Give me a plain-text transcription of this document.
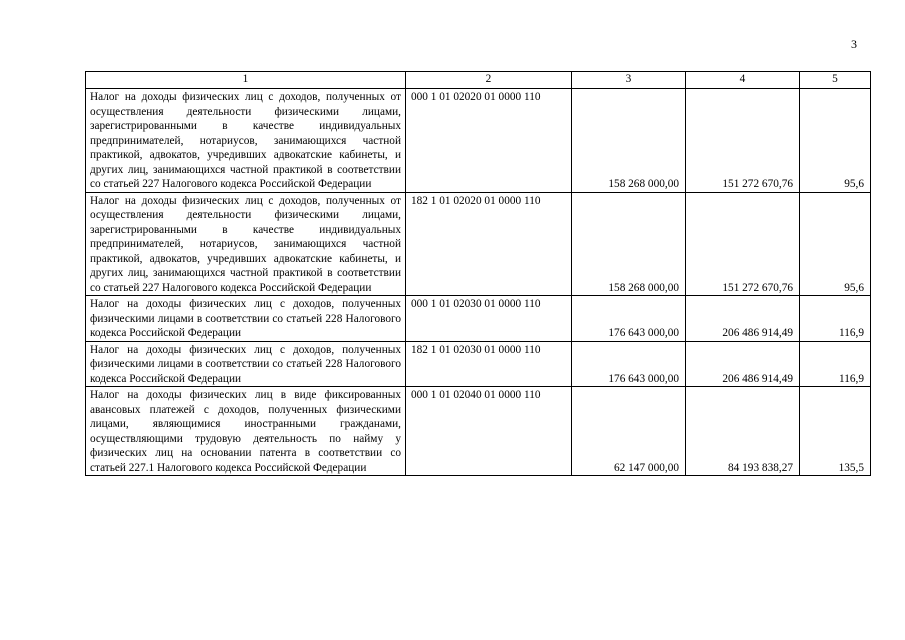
3
1	2	3	4	5
Налог на доходы физических лиц с доходов, полученных от осуществления деятельности физическими лицами, зарегистрированными в качестве индивидуальных предпринимателей, нотариусов, занимающихся частной практикой, адвокатов, учредивших адвокатские кабинеты, и других лиц, занимающихся частной практикой в соответствии со статьей 227 Налогового кодекса Российской Федерации	000 1 01 02020 01 0000 110	158 268 000,00	151 272 670,76	95,6
Налог на доходы физических лиц с доходов, полученных от осуществления деятельности физическими лицами, зарегистрированными в качестве индивидуальных предпринимателей, нотариусов, занимающихся частной практикой, адвокатов, учредивших адвокатские кабинеты, и других лиц, занимающихся частной практикой в соответствии со статьей 227 Налогового кодекса Российской Федерации	182 1 01 02020 01 0000 110	158 268 000,00	151 272 670,76	95,6
Налог на доходы физических лиц с доходов, полученных физическими лицами в соответствии со статьей 228 Налогового кодекса Российской Федерации	000 1 01 02030 01 0000 110	176 643 000,00	206 486 914,49	116,9
Налог на доходы физических лиц с доходов, полученных физическими лицами в соответствии со статьей 228 Налогового кодекса Российской Федерации	182 1 01 02030 01 0000 110	176 643 000,00	206 486 914,49	116,9
Налог на доходы физических лиц в виде фиксированных авансовых платежей с доходов, полученных физическими лицами, являющимися иностранными гражданами, осуществляющими трудовую деятельность по найму у физических лиц на основании патента в соответствии со статьей 227.1 Налогового кодекса Российской Федерации	000 1 01 02040 01 0000 110	62 147 000,00	84 193 838,27	135,5
